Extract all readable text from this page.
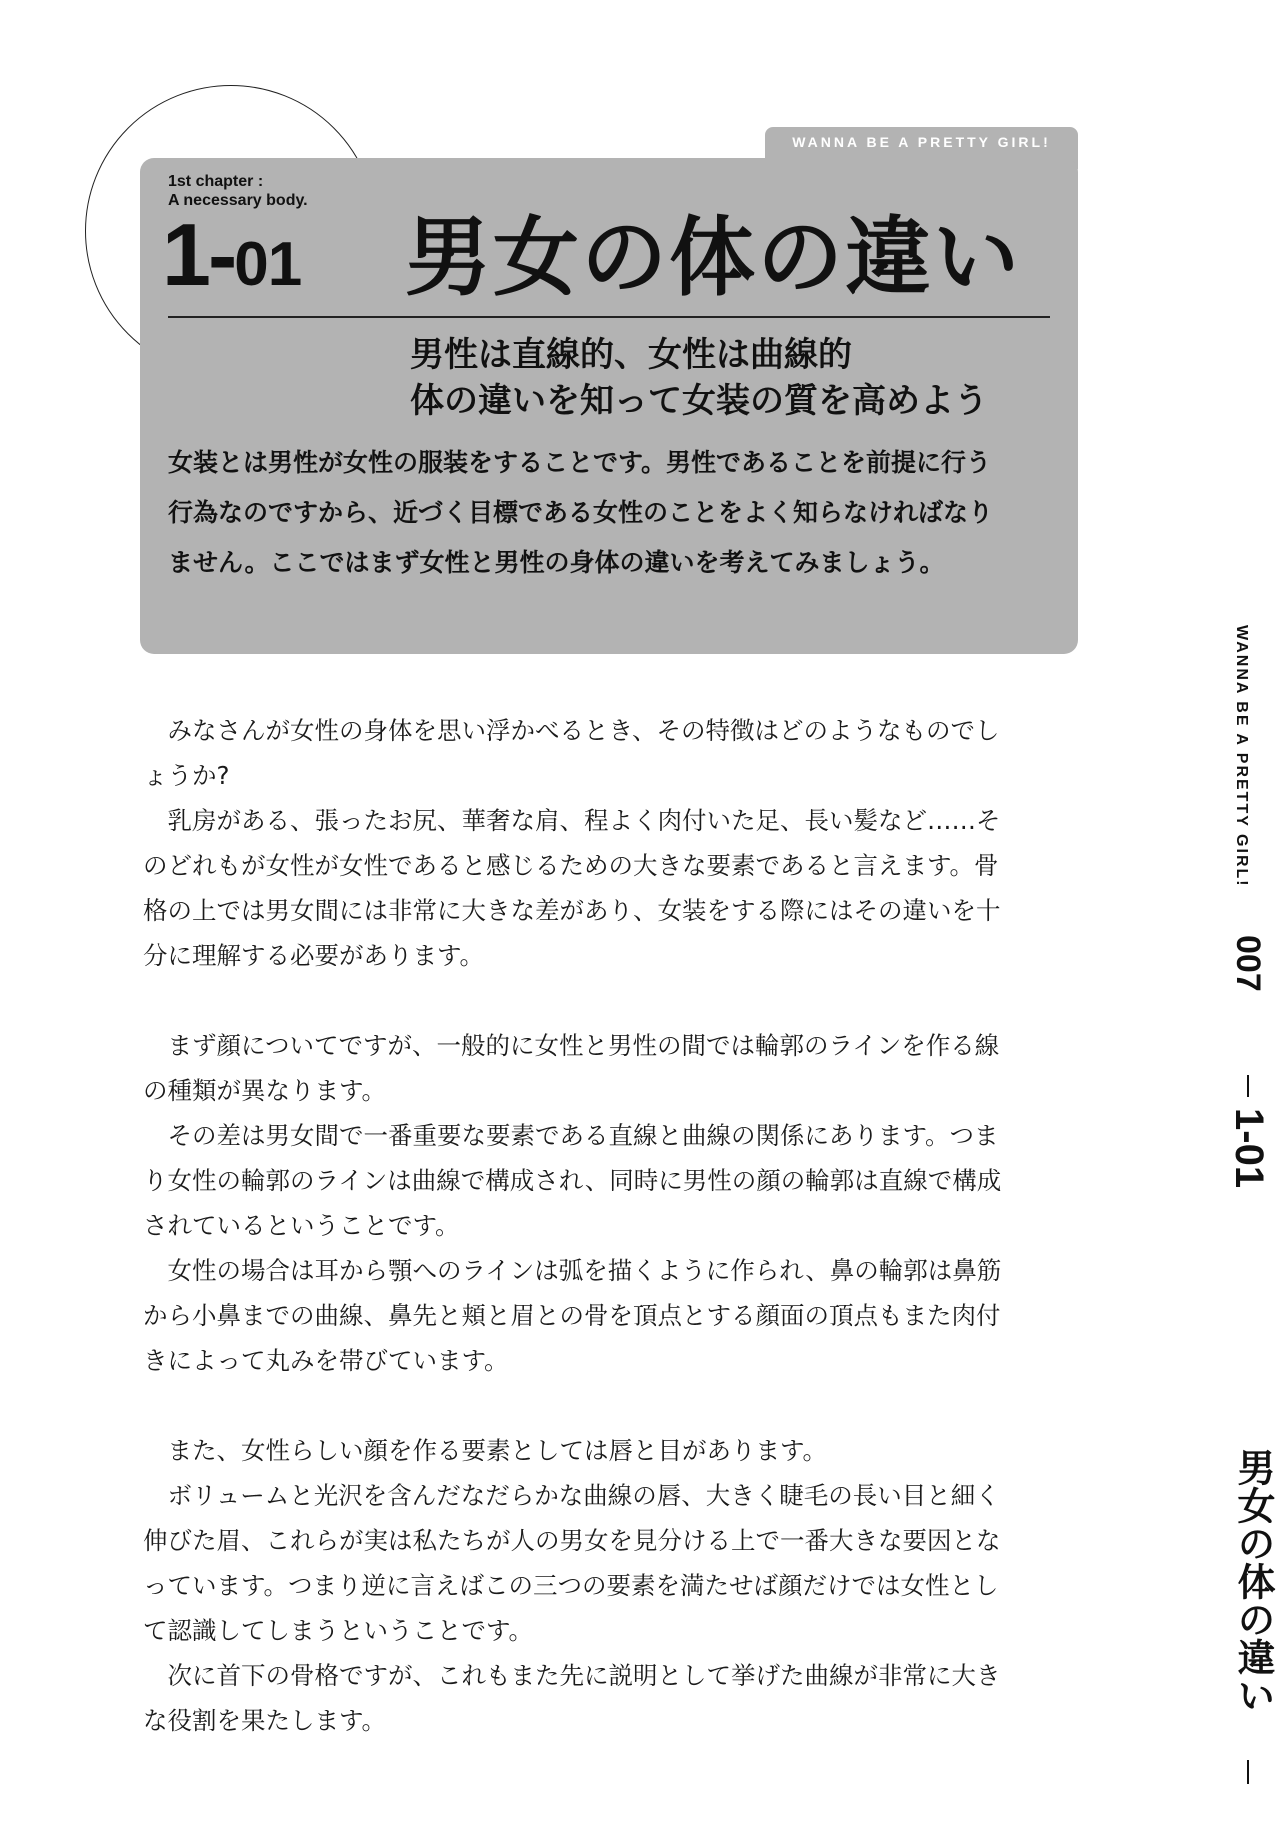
WANNA BE A PRETTY GIRL!
1st chapter :
A necessary body.
1-01 男女の体の違い
男性は直線的、女性は曲線的
体の違いを知って女装の質を高めよう
女装とは男性が女性の服装をすることです。男性であることを前提に行う
行為なのですから、近づく目標である女性のことをよく知らなければなり
ません。ここではまず女性と男性の身体の違いを考えてみましょう。
　みなさんが女性の身体を思い浮かべるとき、その特徴はどのようなものでし
ょうか?
　乳房がある、張ったお尻、華奢な肩、程よく肉付いた足、長い髪など……そ
のどれもが女性が女性であると感じるための大きな要素であると言えます。骨
格の上では男女間には非常に大きな差があり、女装をする際にはその違いを十
分に理解する必要があります。
　まず顔についてですが、一般的に女性と男性の間では輪郭のラインを作る線
の種類が異なります。
　その差は男女間で一番重要な要素である直線と曲線の関係にあります。つま
り女性の輪郭のラインは曲線で構成され、同時に男性の顔の輪郭は直線で構成
されているということです。
　女性の場合は耳から顎へのラインは弧を描くように作られ、鼻の輪郭は鼻筋
から小鼻までの曲線、鼻先と頬と眉との骨を頂点とする顔面の頂点もまた肉付
きによって丸みを帯びています。
　また、女性らしい顔を作る要素としては唇と目があります。
　ボリュームと光沢を含んだなだらかな曲線の唇、大きく睫毛の長い目と細く
伸びた眉、これらが実は私たちが人の男女を見分ける上で一番大きな要因とな
っています。つまり逆に言えばこの三つの要素を満たせば顔だけでは女性とし
て認識してしまうということです。
　次に首下の骨格ですが、これもまた先に説明として挙げた曲線が非常に大き
な役割を果たします。
WANNA BE A PRETTY GIRL!
007
1-01
男女の体の違い
